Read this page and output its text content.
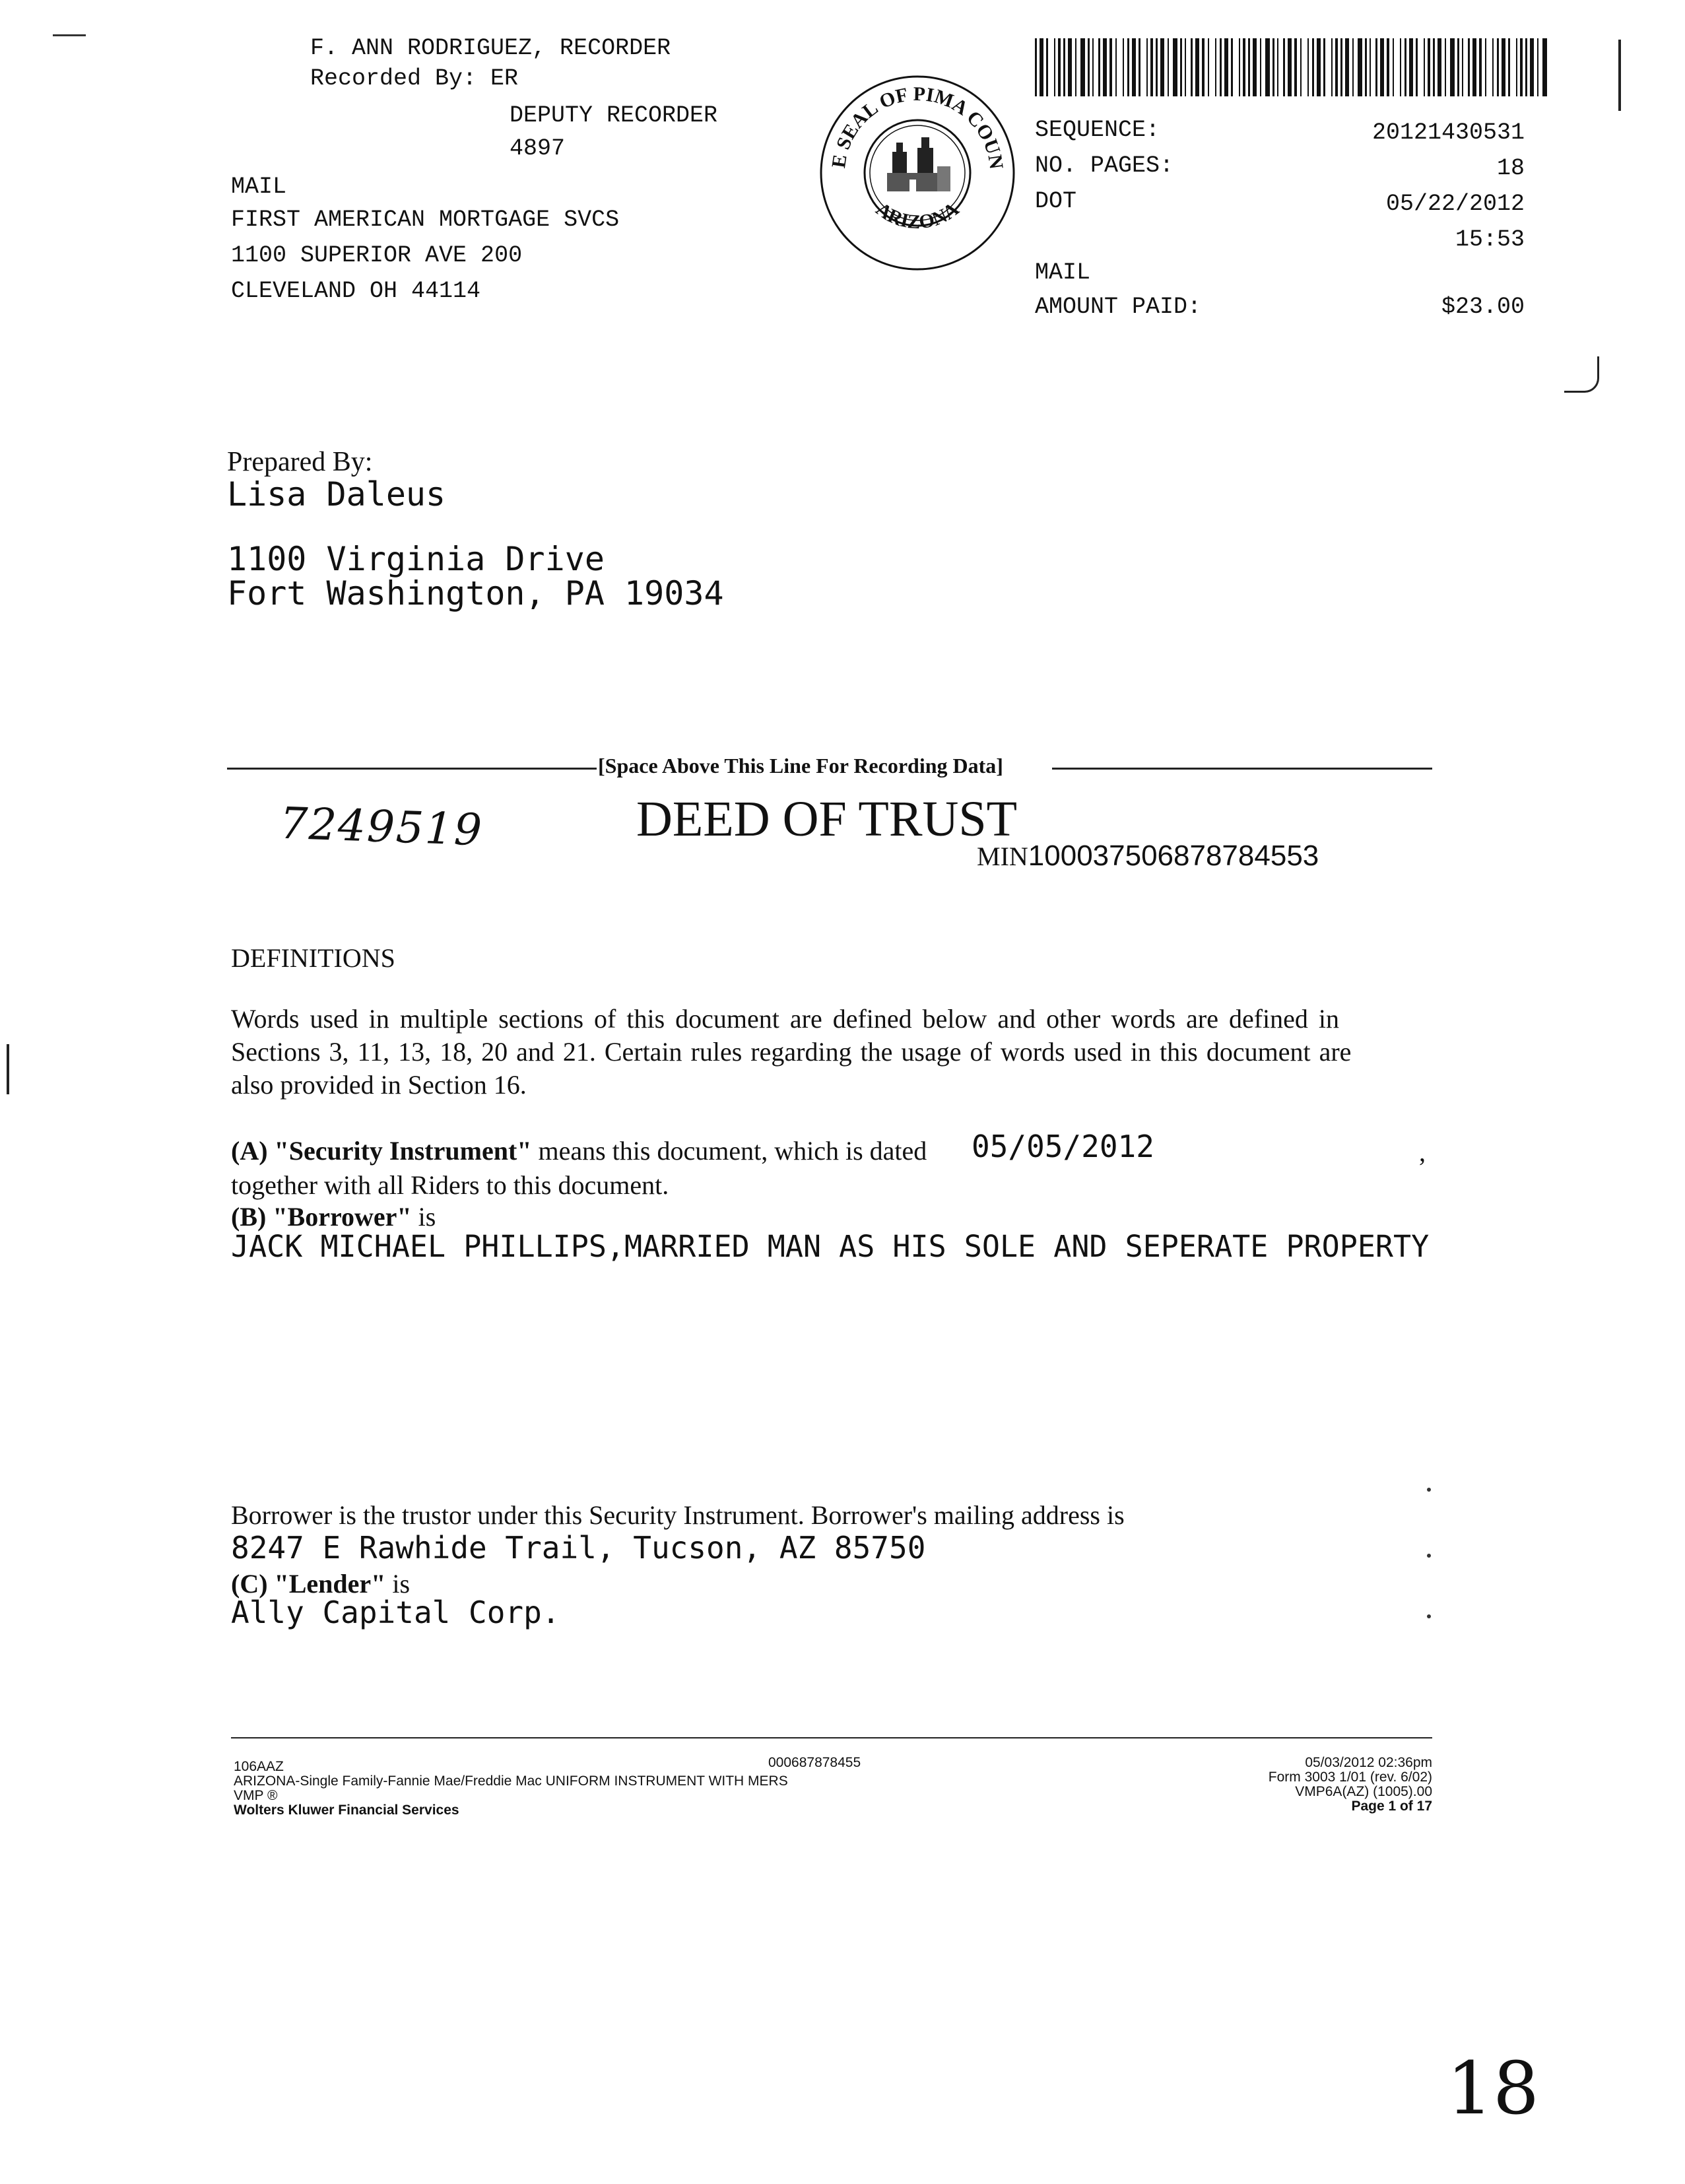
F. ANN RODRIGUEZ, RECORDER
Recorded By: ER
DEPUTY RECORDER
4897
MAIL
FIRST AMERICAN MORTGAGE SVCS
1100 SUPERIOR AVE 200
CLEVELAND OH 44114
E SEAL OF PIMA COUN
ARIZONA
SEQUENCE:	20121430531
NO. PAGES:	18
DOT	05/22/2012
15:53
MAIL
AMOUNT PAID:	$23.00
Prepared By:
Lisa Daleus
1100 Virginia Drive
Fort Washington, PA 19034
[Space Above This Line For Recording Data]
7249519	DEED OF TRUST
MIN100037506878784553
DEFINITIONS
Words used in multiple sections of this document are defined below and other words are defined in
Sections 3, 11, 13, 18, 20 and 21. Certain rules regarding the usage of words used in this document are
also provided in Section 16.
(A) "Security Instrument" means this document, which is dated 05/05/2012	,
together with all Riders to this document.
(B) "Borrower" is
JACK MICHAEL PHILLIPS,MARRIED MAN AS HIS SOLE AND SEPERATE PROPERTY
Borrower is the trustor under this Security Instrument. Borrower's mailing address is
8247 E Rawhide Trail, Tucson, AZ 85750
(C) "Lender" is
Ally Capital Corp.
106AAZ	000687878455
ARIZONA-Single Family-Fannie Mae/Freddie Mac UNIFORM INSTRUMENT WITH MERS
VMP ®
Wolters Kluwer Financial Services
05/03/2012 02:36pm
Form 3003 1/01 (rev. 6/02)
VMP6A(AZ) (1005).00
Page 1 of 17
18
